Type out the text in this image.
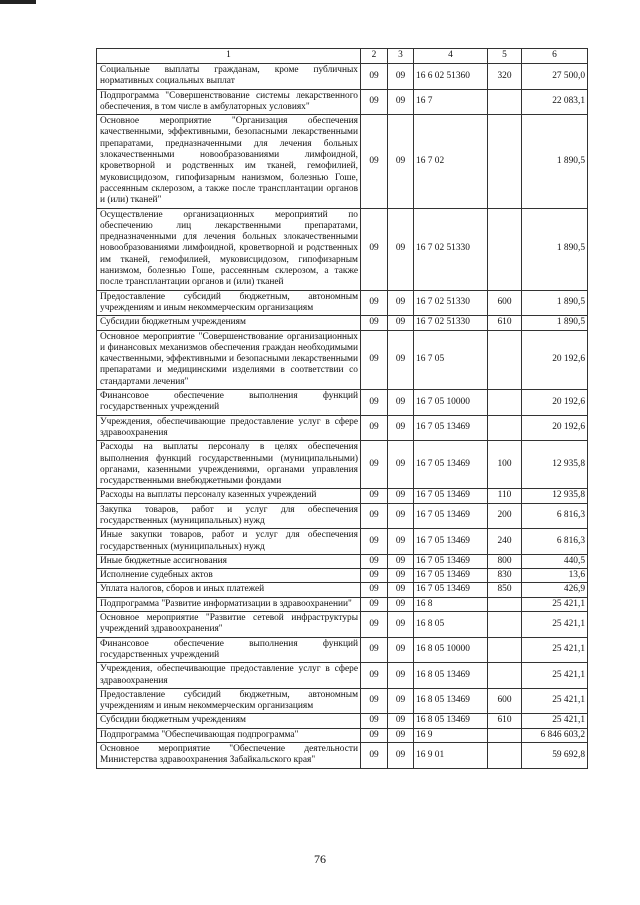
1	2	3	4	5	6
Социальные выплаты гражданам, кроме публичных нормативных социальных выплат	09	09	16 6 02 51360	320	27 500,0
Подпрограмма "Совершенствование системы лекарственного обеспечения, в том числе в амбулаторных условиях"	09	09	16 7		22 083,1
Основное мероприятие "Организация обеспечения качественными, эффективными, безопасными лекарственными препаратами, предназначенными для лечения больных злокачественными новообразованиями лимфоидной, кроветворной и родственных им тканей, гемофилией, муковисцидозом, гипофизарным нанизмом, болезнью Гоше, рассеянным склерозом, а также после трансплантации органов и (или) тканей"	09	09	16 7 02		1 890,5
Осуществление организационных мероприятий по обеспечению лиц лекарственными препаратами, предназначенными для лечения больных злокачественными новообразованиями лимфоидной, кроветворной и родственных им тканей, гемофилией, муковисцидозом, гипофизарным нанизмом, болезнью Гоше, рассеянным склерозом, а также после трансплантации органов и (или) тканей	09	09	16 7 02 51330		1 890,5
Предоставление субсидий бюджетным, автономным учреждениям и иным некоммерческим организациям	09	09	16 7 02 51330	600	1 890,5
Субсидии бюджетным учреждениям	09	09	16 7 02 51330	610	1 890,5
Основное мероприятие "Совершенствование организационных и финансовых механизмов обеспечения граждан необходимыми качественными, эффективными и безопасными лекарственными препаратами и медицинскими изделиями в соответствии со стандартами лечения"	09	09	16 7 05		20 192,6
Финансовое обеспечение выполнения функций государственных учреждений	09	09	16 7 05 10000		20 192,6
Учреждения, обеспечивающие предоставление услуг в сфере здравоохранения	09	09	16 7 05 13469		20 192,6
Расходы на выплаты персоналу в целях обеспечения выполнения функций государственными (муниципальными) органами, казенными учреждениями, органами управления государственными внебюджетными фондами	09	09	16 7 05 13469	100	12 935,8
Расходы на выплаты персоналу казенных учреждений	09	09	16 7 05 13469	110	12 935,8
Закупка товаров, работ и услуг для обеспечения государственных (муниципальных) нужд	09	09	16 7 05 13469	200	6 816,3
Иные закупки товаров, работ и услуг для обеспечения государственных (муниципальных) нужд	09	09	16 7 05 13469	240	6 816,3
Иные бюджетные ассигнования	09	09	16 7 05 13469	800	440,5
Исполнение судебных актов	09	09	16 7 05 13469	830	13,6
Уплата налогов, сборов и иных платежей	09	09	16 7 05 13469	850	426,9
Подпрограмма "Развитие информатизации в здравоохранении"	09	09	16 8		25 421,1
Основное мероприятие "Развитие сетевой инфраструктуры учреждений здравоохранения"	09	09	16 8 05		25 421,1
Финансовое обеспечение выполнения функций государственных учреждений	09	09	16 8 05 10000		25 421,1
Учреждения, обеспечивающие предоставление услуг в сфере здравоохранения	09	09	16 8 05 13469		25 421,1
Предоставление субсидий бюджетным, автономным учреждениям и иным некоммерческим организациям	09	09	16 8 05 13469	600	25 421,1
Субсидии бюджетным учреждениям	09	09	16 8 05 13469	610	25 421,1
Подпрограмма "Обеспечивающая подпрограмма"	09	09	16 9		6 846 603,2
Основное мероприятие "Обеспечение деятельности Министерства здравоохранения Забайкальского края"	09	09	16 9 01		59 692,8
76
